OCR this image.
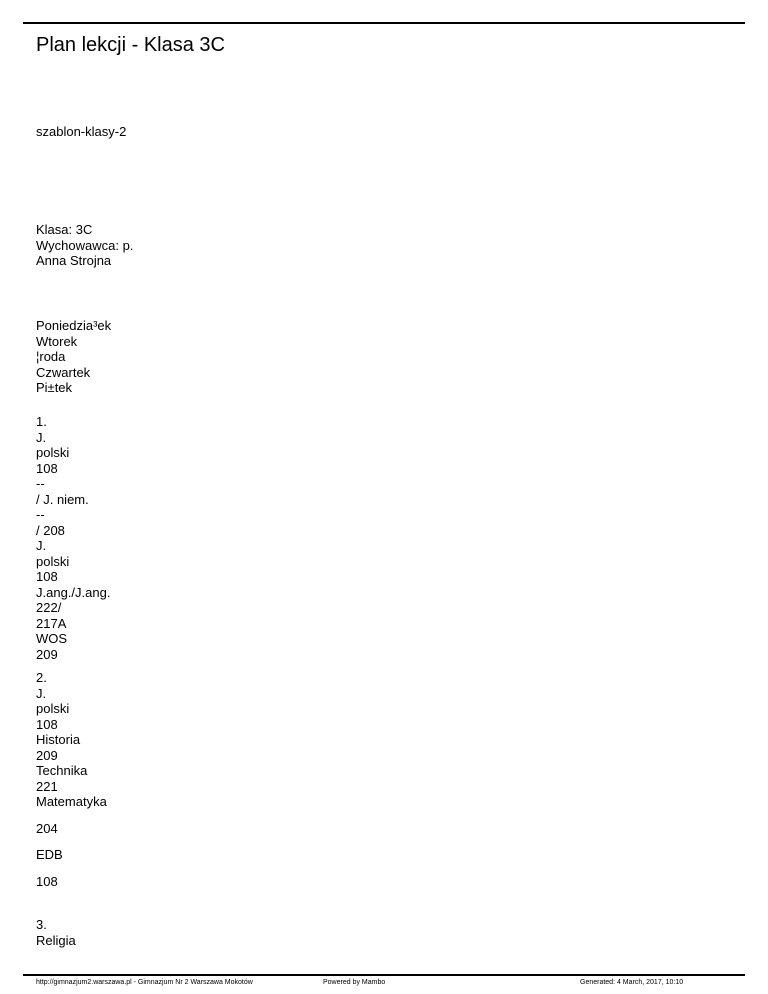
Plan lekcji - Klasa 3C
szablon-klasy-2
Klasa: 3C
Wychowawca: p.
Anna Strojna
Poniedzia³ek
Wtorek
¦roda
Czwartek
Pi±tek
1.
J.
polski
108
--
/ J. niem.
--
/ 208
J.
polski
108
J.ang./J.ang.
222/
217A
WOS
209
2.
J.
polski
108
Historia
209
Technika
221
Matematyka
204
EDB
108
3.
Religia
http://gimnazjum2.warszawa.pl - Gimnazjum Nr 2 Warszawa Mokotów	Powered by Mambo	Generated: 4 March, 2017, 10:10
